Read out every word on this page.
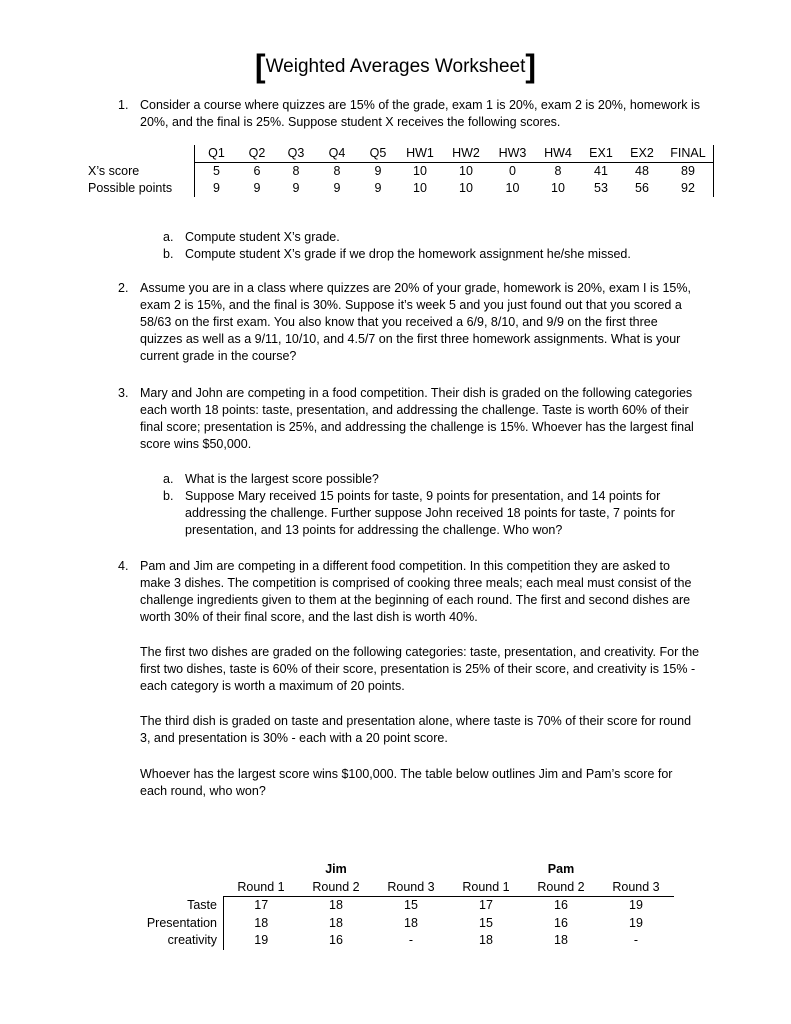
[Weighted Averages Worksheet]
1. Consider a course where quizzes are 15% of the grade, exam 1 is 20%, exam 2 is 20%, homework is 20%, and the final is 25%. Suppose student X receives the following scores.
	Q1	Q2	Q3	Q4	Q5	HW1	HW2	HW3	HW4	EX1	EX2	FINAL
X’s score	5	6	8	8	9	10	10	0	8	41	48	89
Possible points	9	9	9	9	9	10	10	10	10	53	56	92
a. Compute student X’s grade.
b. Compute student X’s grade if we drop the homework assignment he/she missed.
2. Assume you are in a class where quizzes are 20% of your grade, homework is 20%, exam I is 15%, exam 2 is 15%, and the final is 30%. Suppose it’s week 5 and you just found out that you scored a 58/63 on the first exam. You also know that you received a 6/9, 8/10, and 9/9 on the first three quizzes as well as a 9/11, 10/10, and 4.5/7 on the first three homework assignments. What is your current grade in the course?
3. Mary and John are competing in a food competition. Their dish is graded on the following categories each worth 18 points: taste, presentation, and addressing the challenge. Taste is worth 60% of their final score; presentation is 25%, and addressing the challenge is 15%. Whoever has the largest final score wins $50,000.
a. What is the largest score possible?
b. Suppose Mary received 15 points for taste, 9 points for presentation, and 14 points for addressing the challenge. Further suppose John received 18 points for taste, 7 points for presentation, and 13 points for addressing the challenge. Who won?
4. Pam and Jim are competing in a different food competition. In this competition they are asked to make 3 dishes. The competition is comprised of cooking three meals; each meal must consist of the challenge ingredients given to them at the beginning of each round. The first and second dishes are worth 30% of their final score, and the last dish is worth 40%.
The first two dishes are graded on the following categories: taste, presentation, and creativity. For the first two dishes, taste is 60% of their score, presentation is 25% of their score, and creativity is 15% - each category is worth a maximum of 20 points.
The third dish is graded on taste and presentation alone, where taste is 70% of their score for round 3, and presentation is 30% - each with a 20 point score.
Whoever has the largest score wins $100,000. The table below outlines Jim and Pam’s score for each round, who won?
		Jim			Pam	
	Round 1	Round 2	Round 3	Round 1	Round 2	Round 3
Taste	17	18	15	17	16	19
Presentation	18	18	18	15	16	19
creativity	19	16	-	18	18	-
